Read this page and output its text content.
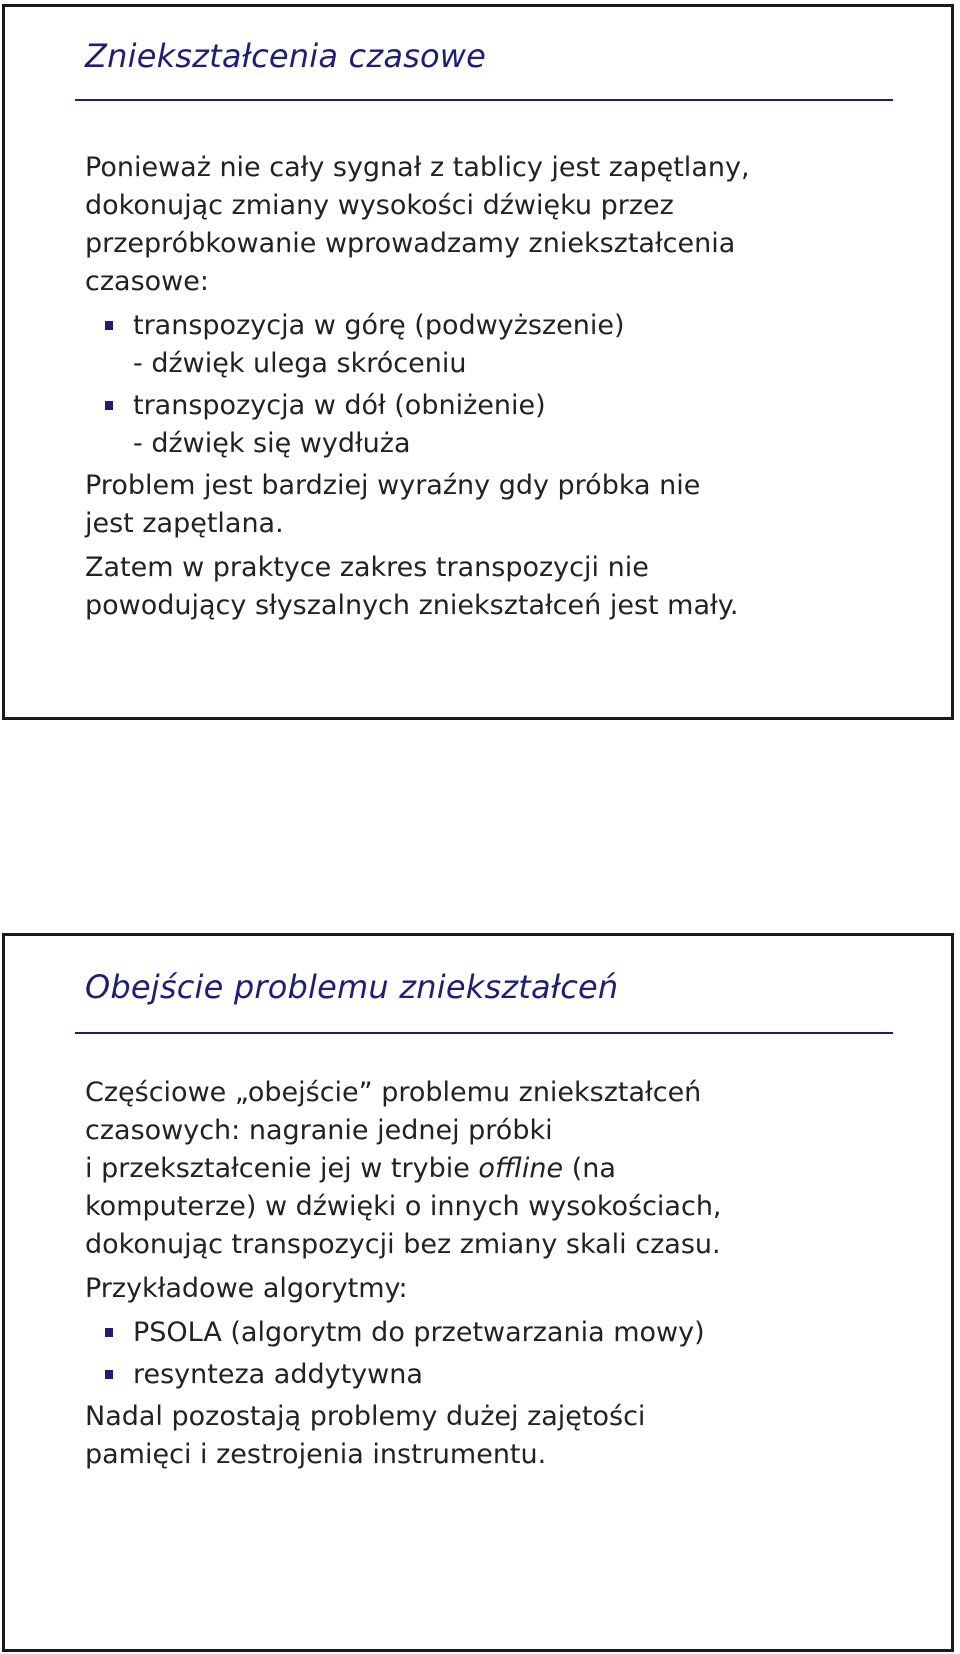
Zniekształcenia czasowe
Ponieważ nie cały sygnał z tablicy jest zapętlany,
dokonując zmiany wysokości dźwięku przez
przepróbkowanie wprowadzamy zniekształcenia
czasowe:
transpozycja w górę (podwyższenie)
- dźwięk ulega skróceniu
transpozycja w dół (obniżenie)
- dźwięk się wydłuża
Problem jest bardziej wyraźny gdy próbka nie
jest zapętlana.
Zatem w praktyce zakres transpozycji nie
powodujący słyszalnych zniekształceń jest mały.
Obejście problemu zniekształceń
Częściowe „obejście” problemu zniekształceń
czasowych: nagranie jednej próbki
i przekształcenie jej w trybie offline (na
komputerze) w dźwięki o innych wysokościach,
dokonując transpozycji bez zmiany skali czasu.
Przykładowe algorytmy:
PSOLA (algorytm do przetwarzania mowy)
resynteza addytywna
Nadal pozostają problemy dużej zajętości
pamięci i zestrojenia instrumentu.
